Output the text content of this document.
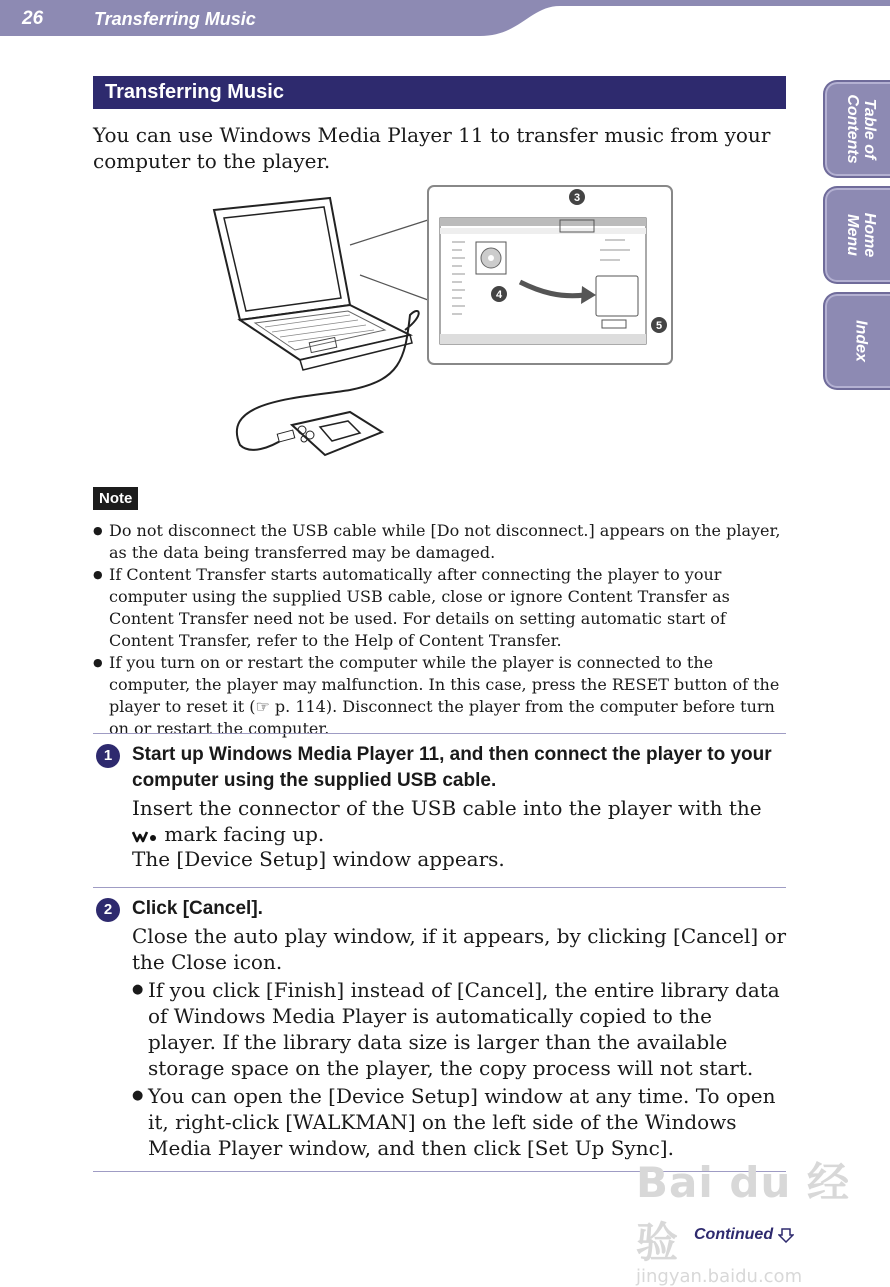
26	Transferring Music
Table of
Contents
Home
Menu
Index
Transferring Music

You can use Windows Media Player 11 to transfer music from your computer to the player.

3
4
5
Note
● Do not disconnect the USB cable while [Do not disconnect.] appears on the player, as the data being transferred may be damaged.
● If Content Transfer starts automatically after connecting the player to your computer using the supplied USB cable, close or ignore Content Transfer as Content Transfer need not be used. For details on setting automatic start of Content Transfer, refer to the Help of Content Transfer.
● If you turn on or restart the computer while the player is connected to the computer, the player may malfunction. In this case, press the RESET button of the player to reset it (☞ p. 114). Disconnect the player from the computer before turn on or restart the computer.
1	Start up Windows Media Player 11, and then connect the player to your computer using the supplied USB cable.

Insert the connector of the USB cable into the player with the  mark facing up.

The [Device Setup] window appears.

2	Click [Cancel].

Close the auto play window, if it appears, by clicking [Cancel] or the Close icon.

● If you click [Finish] instead of [Cancel], the entire library data of Windows Media Player is automatically copied to the player. If the library data size is larger than the available storage space on the player, the copy process will not start.
● You can open the [Device Setup] window at any time. To open it, right-click [WALKMAN] on the left side of the Windows Media Player window, and then click [Set Up Sync].
Bai du 经验
jingyan.baidu.com
Continued
